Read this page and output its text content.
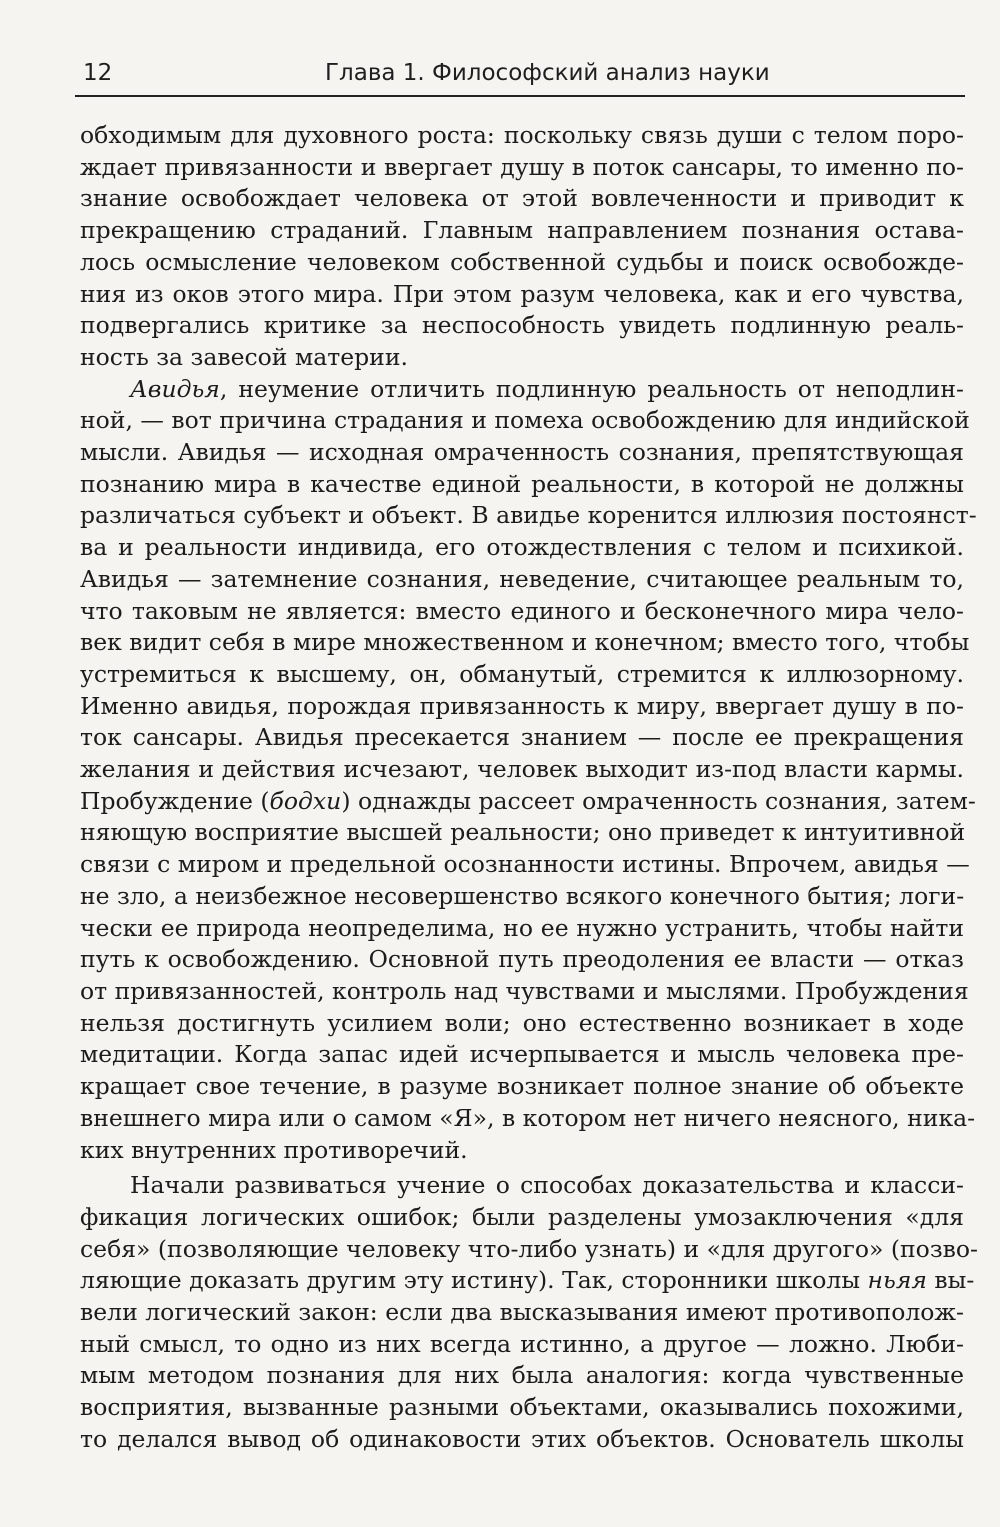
12	Глава 1. Философский анализ науки
обходимым для духовного роста: поскольку связь души с телом поро-
ждает привязанности и ввергает душу в поток сансары, то именно по-
знание освобождает человека от этой вовлеченности и приводит к
прекращению страданий. Главным направлением познания остава-
лось осмысление человеком собственной судьбы и поиск освобожде-
ния из оков этого мира. При этом разум человека, как и его чувства,
подвергались критике за неспособность увидеть подлинную реаль-
ность за завесой материи.
Авидья, неумение отличить подлинную реальность от неподлин-
ной, — вот причина страдания и помеха освобождению для индийской
мысли. Авидья — исходная омраченность сознания, препятствующая
познанию мира в качестве единой реальности, в которой не должны
различаться субъект и объект. В авидье коренится иллюзия постоянст-
ва и реальности индивида, его отождествления с телом и психикой.
Авидья — затемнение сознания, неведение, считающее реальным то,
что таковым не является: вместо единого и бесконечного мира чело-
век видит себя в мире множественном и конечном; вместо того, чтобы
устремиться к высшему, он, обманутый, стремится к иллюзорному.
Именно авидья, порождая привязанность к миру, ввергает душу в по-
ток сансары. Авидья пресекается знанием — после ее прекращения
желания и действия исчезают, человек выходит из-под власти кармы.
Пробуждение (бодхи) однажды рассеет омраченность сознания, затем-
няющую восприятие высшей реальности; оно приведет к интуитивной
связи с миром и предельной осознанности истины. Впрочем, авидья —
не зло, а неизбежное несовершенство всякого конечного бытия; логи-
чески ее природа неопределима, но ее нужно устранить, чтобы найти
путь к освобождению. Основной путь преодоления ее власти — отказ
от привязанностей, контроль над чувствами и мыслями. Пробуждения
нельзя достигнуть усилием воли; оно естественно возникает в ходе
медитации. Когда запас идей исчерпывается и мысль человека пре-
кращает свое течение, в разуме возникает полное знание об объекте
внешнего мира или о самом «Я», в котором нет ничего неясного, ника-
ких внутренних противоречий.
Начали развиваться учение о способах доказательства и класси-
фикация логических ошибок; были разделены умозаключения «для
себя» (позволяющие человеку что-либо узнать) и «для другого» (позво-
ляющие доказать другим эту истину). Так, сторонники школы ньяя вы-
вели логический закон: если два высказывания имеют противополож-
ный смысл, то одно из них всегда истинно, а другое — ложно. Люби-
мым методом познания для них была аналогия: когда чувственные
восприятия, вызванные разными объектами, оказывались похожими,
то делался вывод об одинаковости этих объектов. Основатель школы
